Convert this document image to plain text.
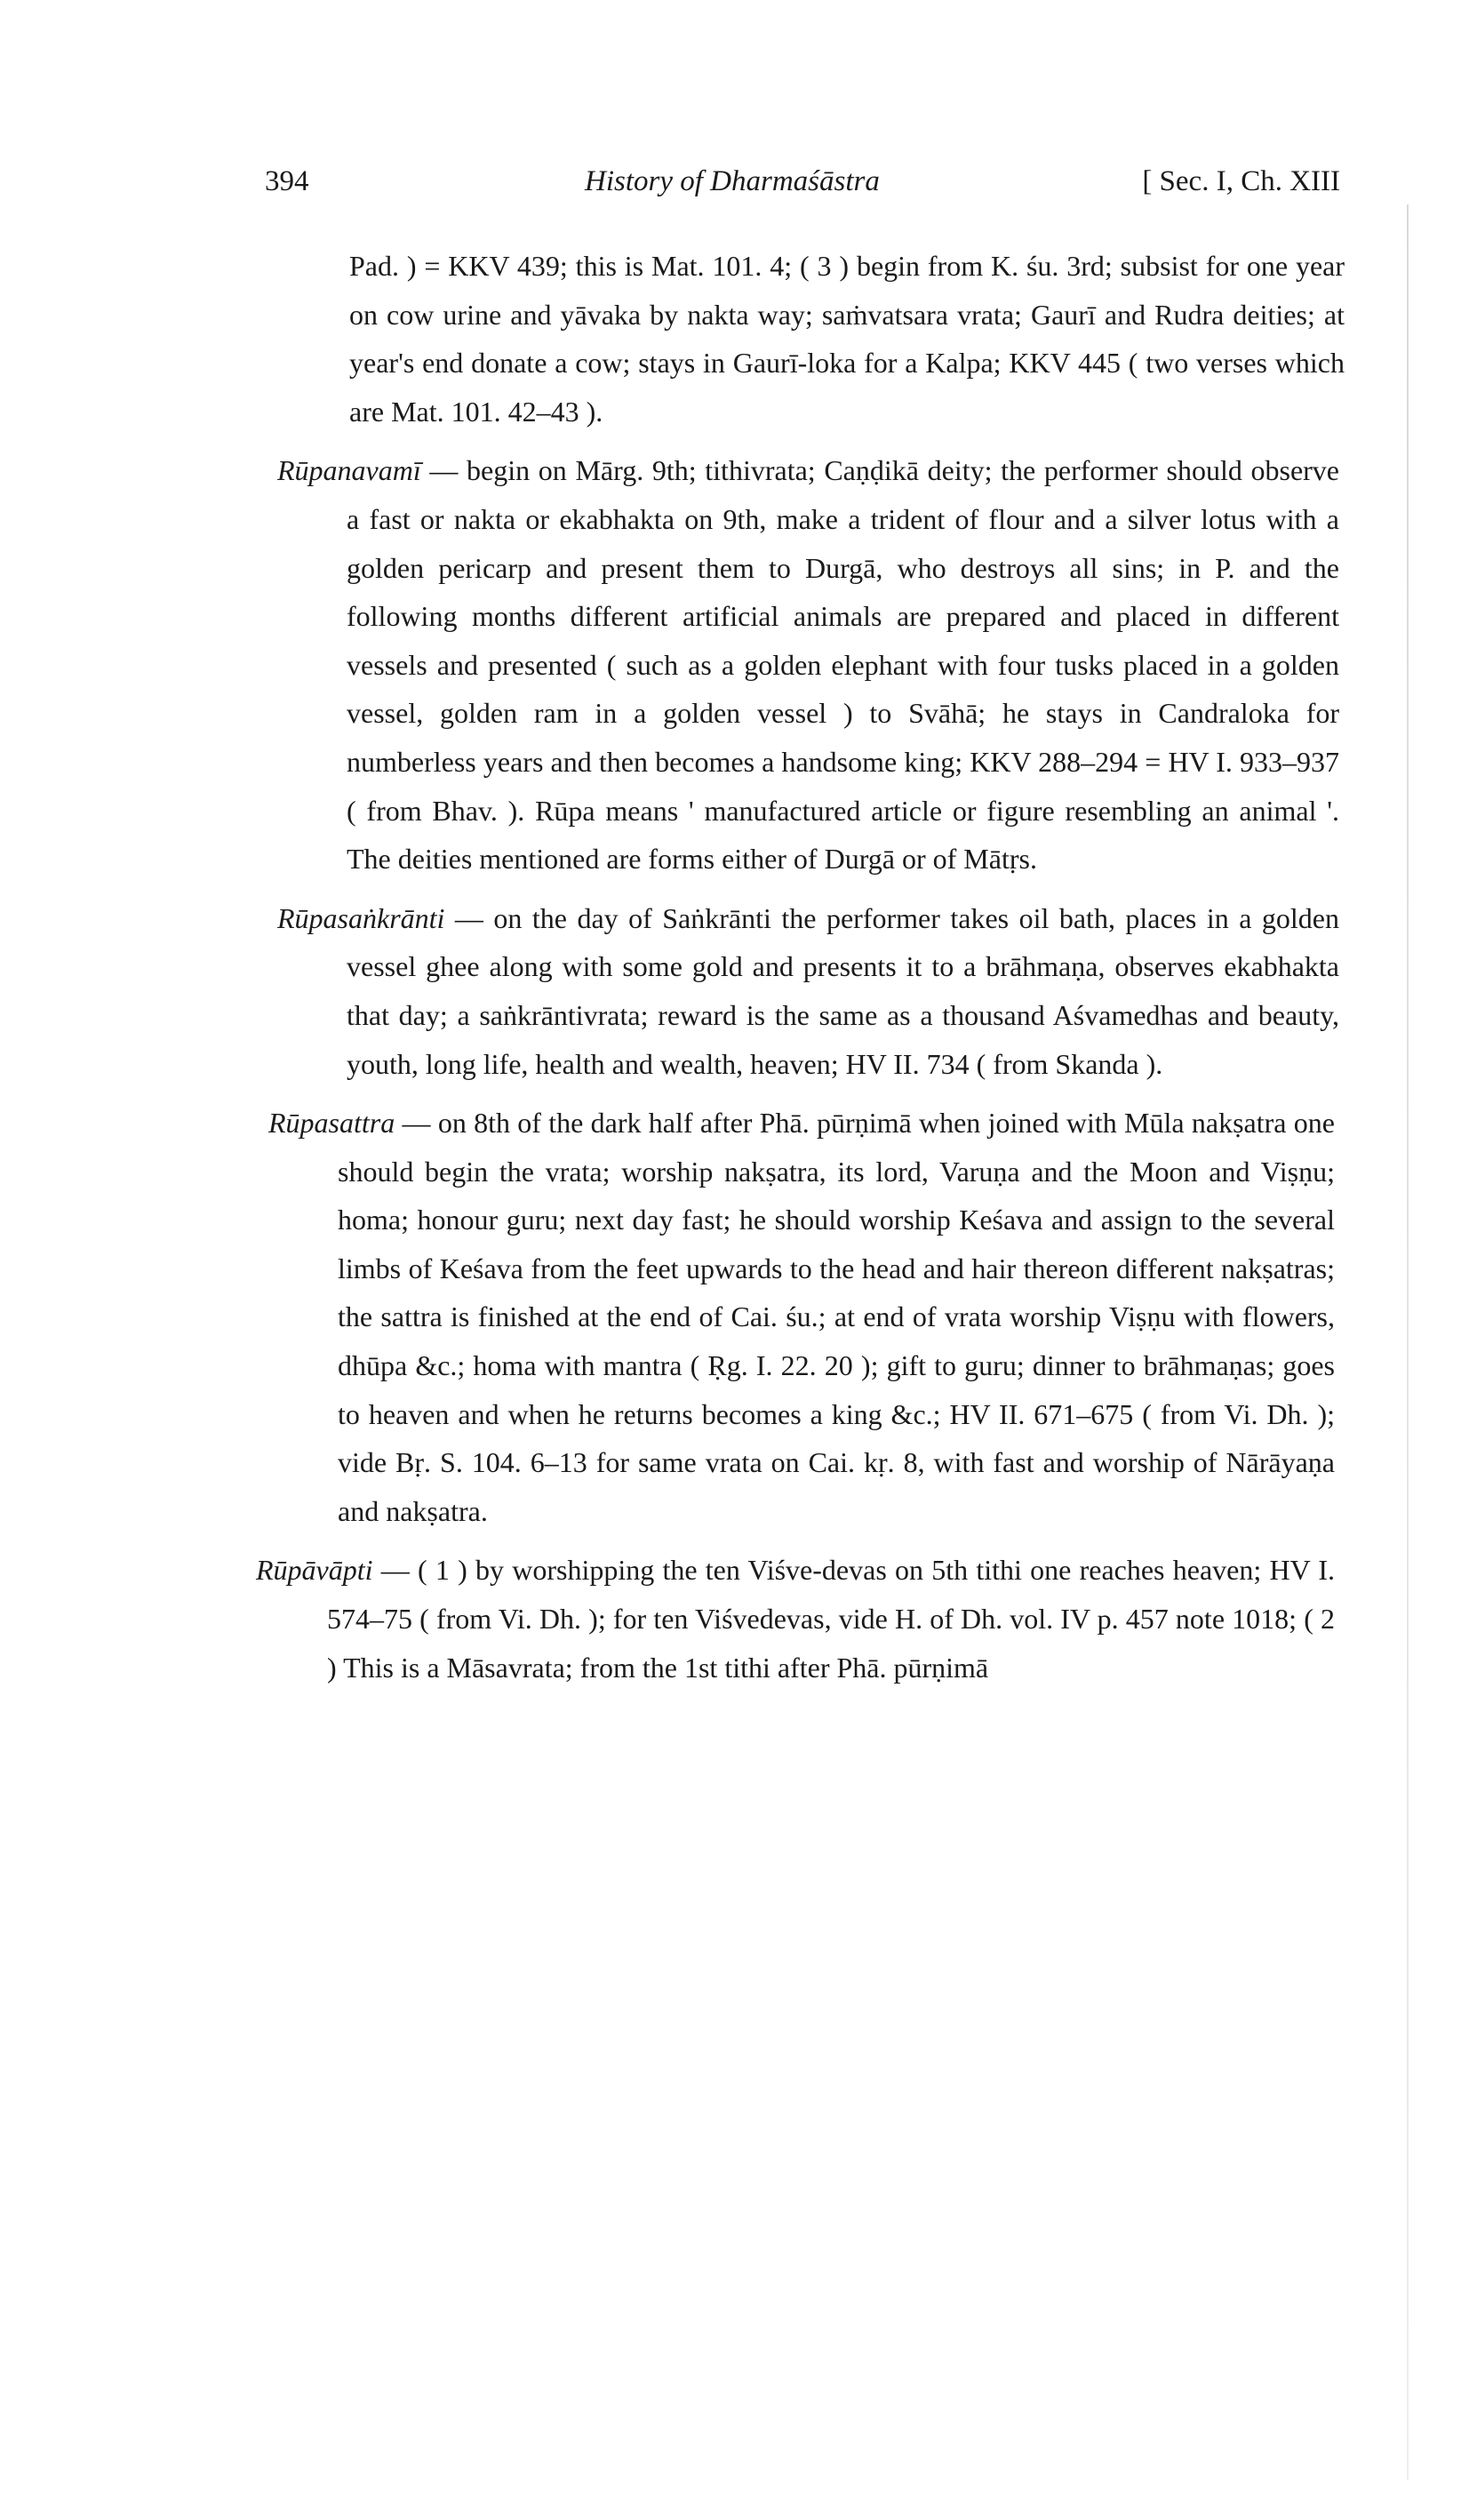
394	History of Dharmaśāstra	[ Sec. I, Ch. XIII

Pad. ) = KKV 439; this is Mat. 101. 4; ( 3 ) begin from K. śu. 3rd; subsist for one year on cow urine and yāvaka by nakta way; saṁvatsara vrata; Gaurī and Rudra deities; at year's end donate a cow; stays in Gaurī-loka for a Kalpa; KKV 445 ( two verses which are Mat. 101. 42–43 ).

Rūpanavamī — begin on Mārg. 9th; tithivrata; Caṇḍikā deity; the performer should observe a fast or nakta or ekabhakta on 9th, make a trident of flour and a silver lotus with a golden pericarp and present them to Durgā, who destroys all sins; in P. and the following months different artificial animals are prepared and placed in different vessels and presented ( such as a golden elephant with four tusks placed in a golden vessel, golden ram in a golden vessel ) to Svāhā; he stays in Candraloka for numberless years and then becomes a handsome king; KKV 288–294 = HV I. 933–937 ( from Bhav. ). Rūpa means ' manufactured article or figure resembling an animal '. The deities mentioned are forms either of Durgā or of Mātṛs.

Rūpasaṅkrānti — on the day of Saṅkrānti the performer takes oil bath, places in a golden vessel ghee along with some gold and presents it to a brāhmaṇa, observes ekabhakta that day; a saṅkrāntivrata; reward is the same as a thousand Aśvamedhas and beauty, youth, long life, health and wealth, heaven; HV II. 734 ( from Skanda ).

Rūpasattra — on 8th of the dark half after Phā. pūrṇimā when joined with Mūla nakṣatra one should begin the vrata; worship nakṣatra, its lord, Varuṇa and the Moon and Viṣṇu; homa; honour guru; next day fast; he should worship Keśava and assign to the several limbs of Keśava from the feet upwards to the head and hair thereon different nakṣatras; the sattra is finished at the end of Cai. śu.; at end of vrata worship Viṣṇu with flowers, dhūpa &c.; homa with mantra ( Ṛg. I. 22. 20 ); gift to guru; dinner to brāhmaṇas; goes to heaven and when he returns becomes a king &c.; HV II. 671–675 ( from Vi. Dh. ); vide Bṛ. S. 104. 6–13 for same vrata on Cai. kṛ. 8, with fast and worship of Nārāyaṇa and nakṣatra.

Rūpāvāpti — ( 1 ) by worshipping the ten Viśve-devas on 5th tithi one reaches heaven; HV I. 574–75 ( from Vi. Dh. ); for ten Viśvedevas, vide H. of Dh. vol. IV p. 457 note 1018; ( 2 ) This is a Māsavrata; from the 1st tithi after Phā. pūrṇimā
